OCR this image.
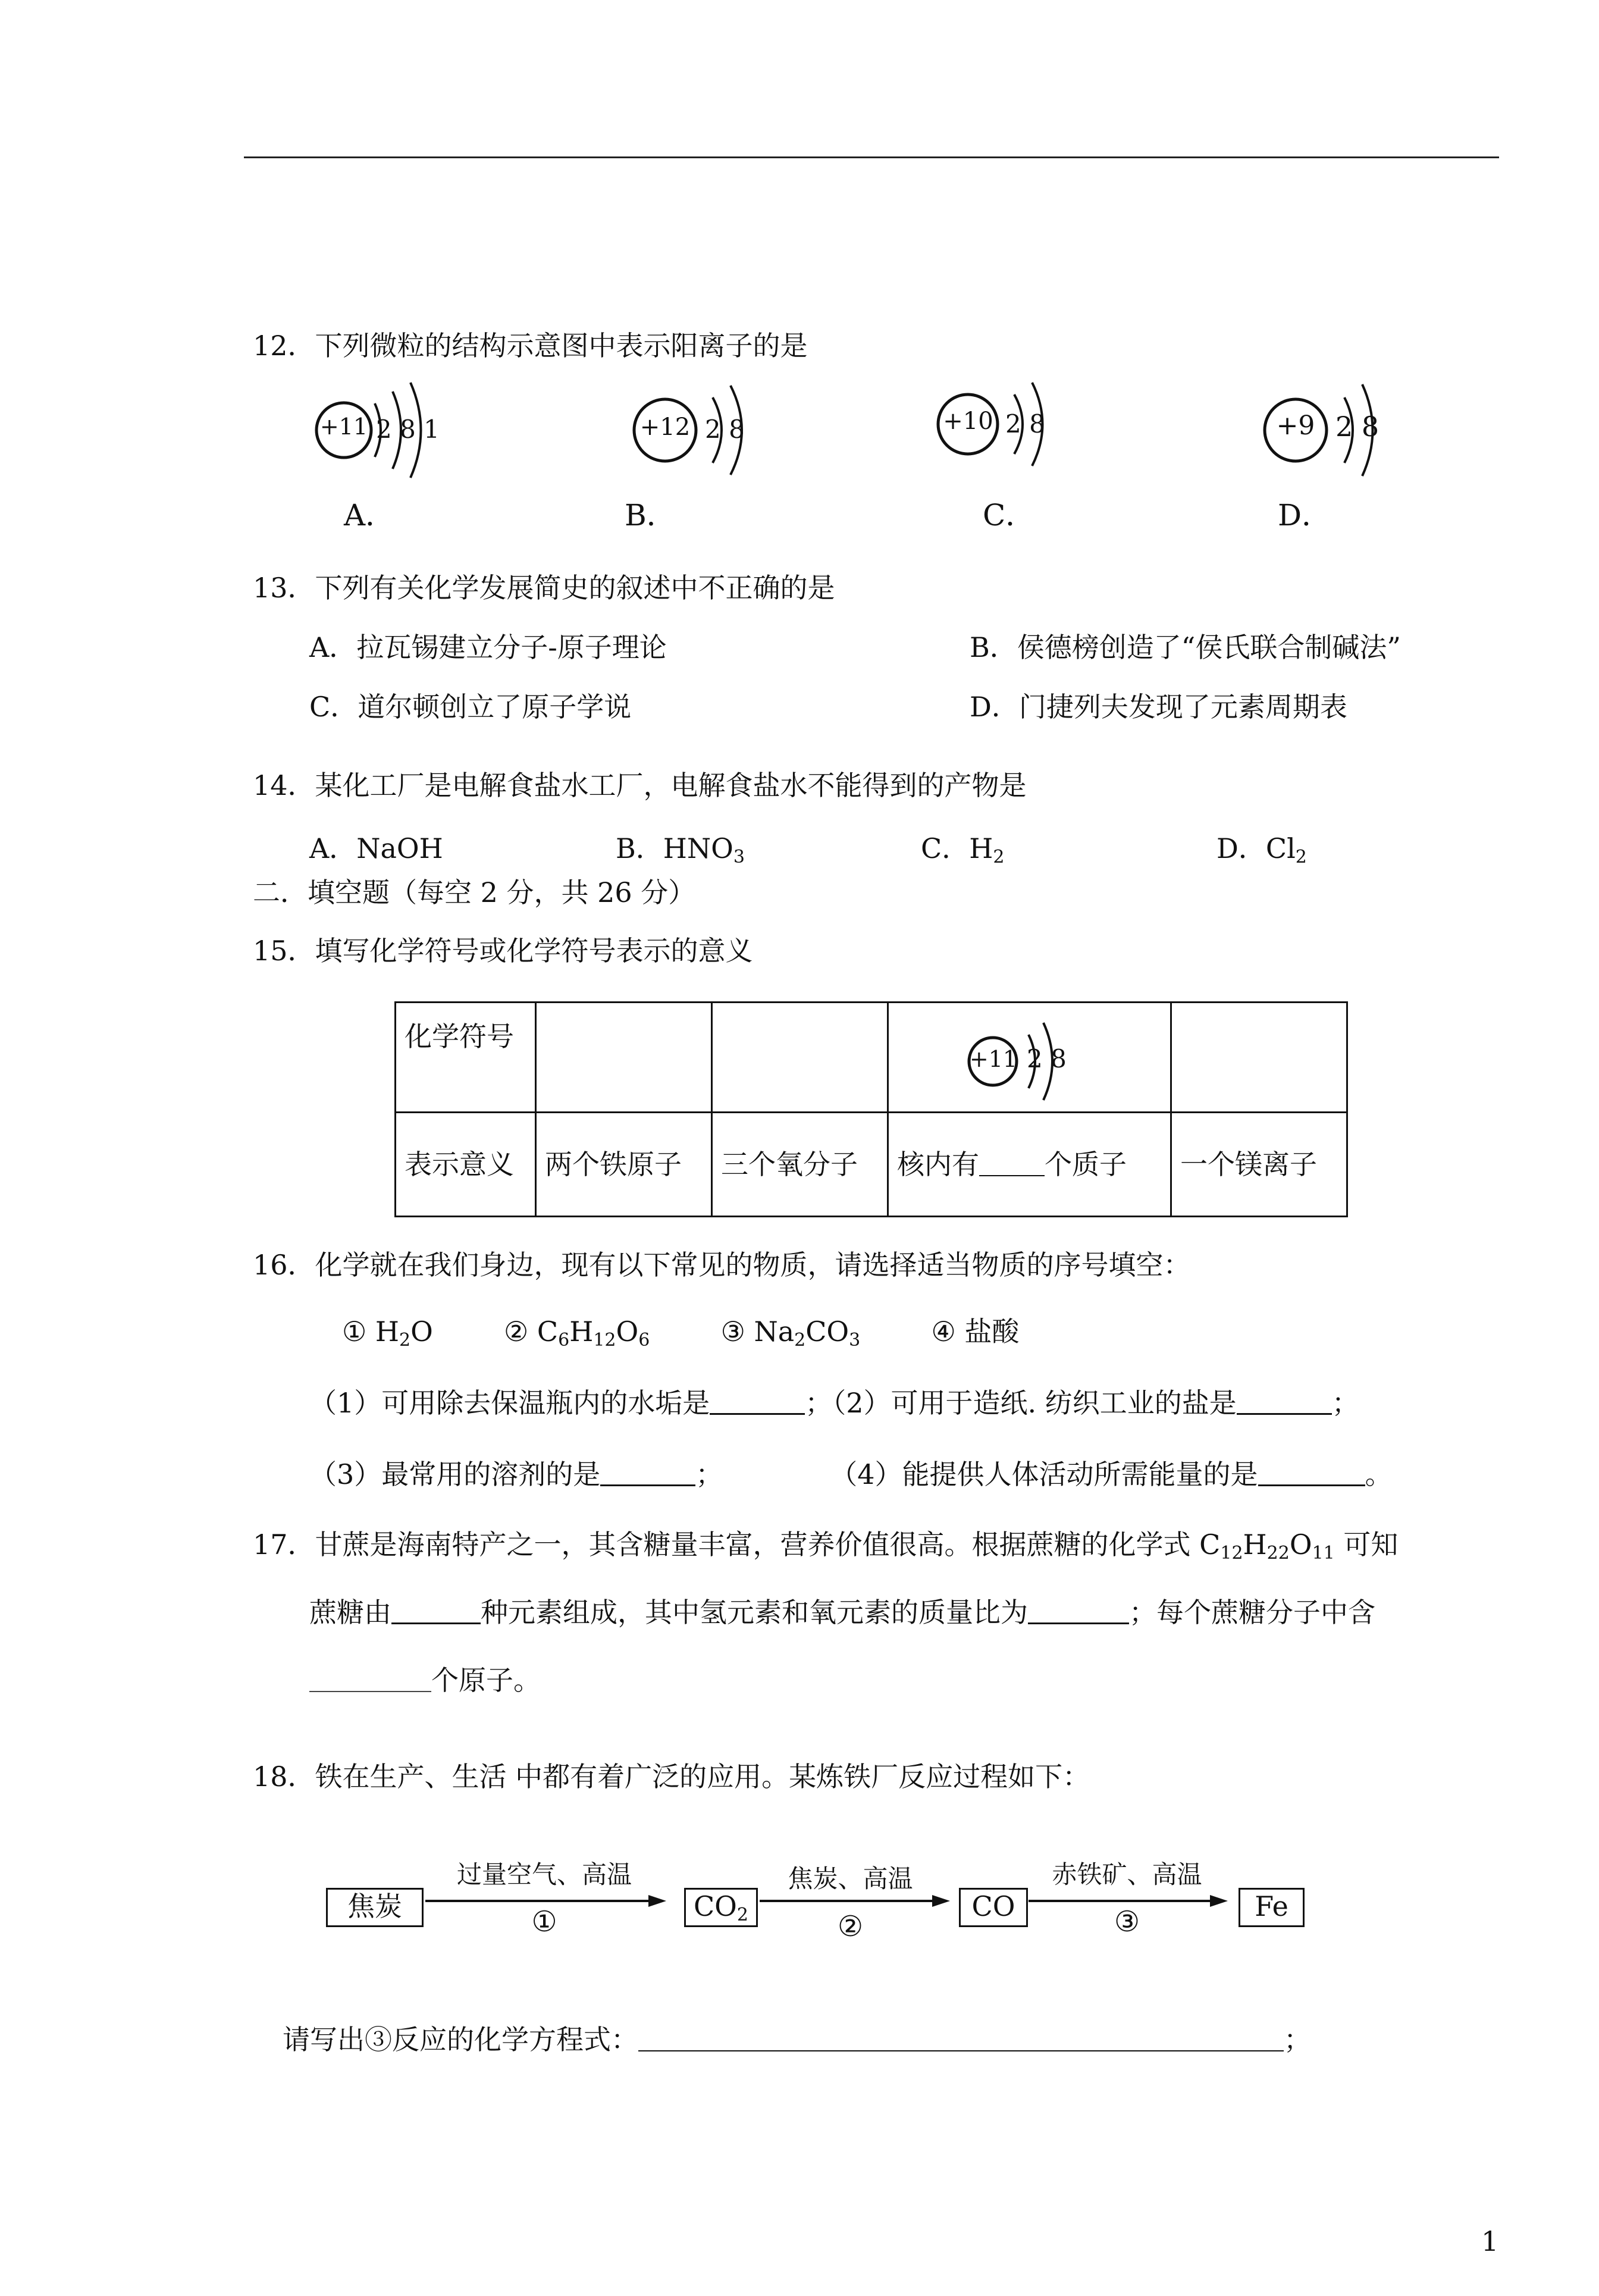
12．下列微粒的结构示意图中表示阳离子的是
+11 2 8 1
A．
+12 2 8
B．
+10 2 8
C．
+9 2 8
D．
13．下列有关化学发展简史的叙述中不正确的是
A．拉瓦锡建立分子-原子理论	B．侯德榜创造了“侯氏联合制碱法”
C．道尔顿创立了原子学说	D．门捷列夫发现了元素周期表
14．某化工厂是电解食盐水工厂，电解食盐水不能得到的产物是
A．NaOH	B．$HNO_3$	C．$H_2$	D．$Cl_2$
二．填空题（每空 2 分，共 26 分）
15．填写化学符号或化学符号表示的意义
化学符号			+11 2 8	

表示意义	两个铁原子	三个氧分子	核内有 个质子	一个镁离子
16．化学就在我们身边，现有以下常见的物质，请选择适当物质的序号填空：
① $H_2O$	② $C_6H_{12}O_6$	③ $Na_2CO_3$	④ 盐酸
（1）可用除去保温瓶内的水垢是	；（2）可用于造纸. 纺织工业的盐是	；
（3）最常用的溶剂的是	；	（4）能提供人体活动所需能量的是	。
17．甘蔗是海南特产之一，其含糖量丰富，营养价值很高。根据蔗糖的化学式 $C_{12}H_{22}O_{11}$ 可知
蔗糖由	种元素组成，其中氢元素和氧元素的质量比为	；每个蔗糖分子中含
个原子。
18．铁在生产、生活 中都有着广泛的应用。某炼铁厂反应过程如下：
焦炭
过量空气、高温
①	$CO_2$
焦炭、高温
②
CO
赤铁矿、高温
③	Fe
请写出③反应的化学方程式：	；
1
